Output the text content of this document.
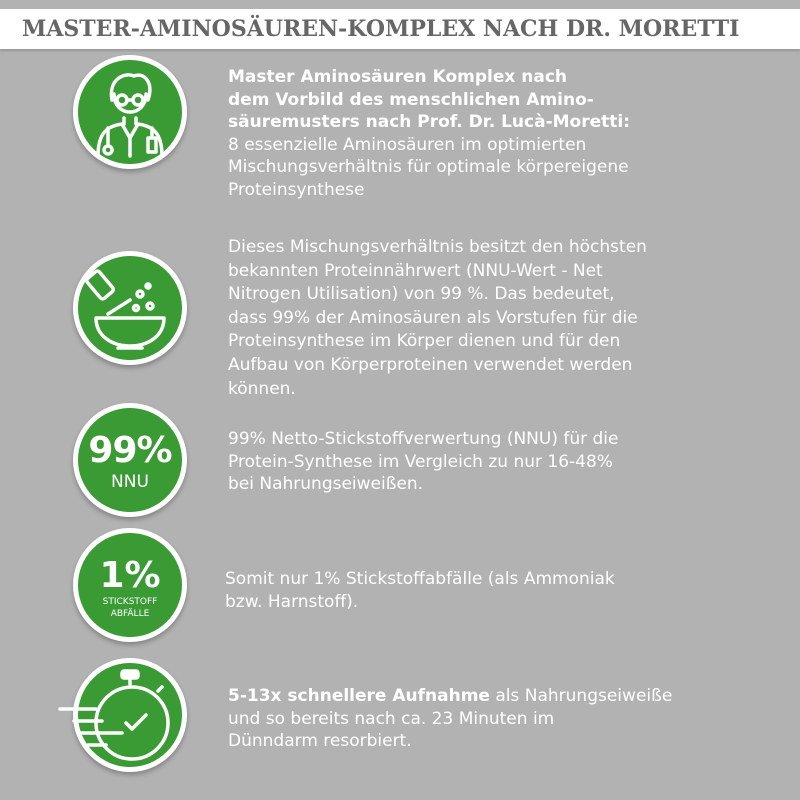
MASTER-AMINOSÄUREN-KOMPLEX NACH DR. MORETTI
Master Aminosäuren Komplex nach
dem Vorbild des menschlichen Amino-
säuremusters nach Prof. Dr. Lucà-Moretti:
8 essenzielle Aminosäuren im optimierten
Mischungsverhältnis für optimale körpereigene
Proteinsynthese
Dieses Mischungsverhältnis besitzt den höchsten
bekannten Proteinnährwert (NNU-Wert - Net
Nitrogen Utilisation) von 99 %. Das bedeutet,
dass 99% der Aminosäuren als Vorstufen für die
Proteinsynthese im Körper dienen und für den
Aufbau von Körperproteinen verwendet werden
können.
99%
NNU
99% Netto-Stickstoffverwertung (NNU) für die
Protein-Synthese im Vergleich zu nur 16-48%
bei Nahrungseiweißen.
1%
STICKSTOFF
ABFÄLLE
Somit nur 1% Stickstoffabfälle (als Ammoniak
bzw. Harnstoff).
5-13x schnellere Aufnahme als Nahrungseiweiße
und so bereits nach ca. 23 Minuten im
Dünndarm resorbiert.
